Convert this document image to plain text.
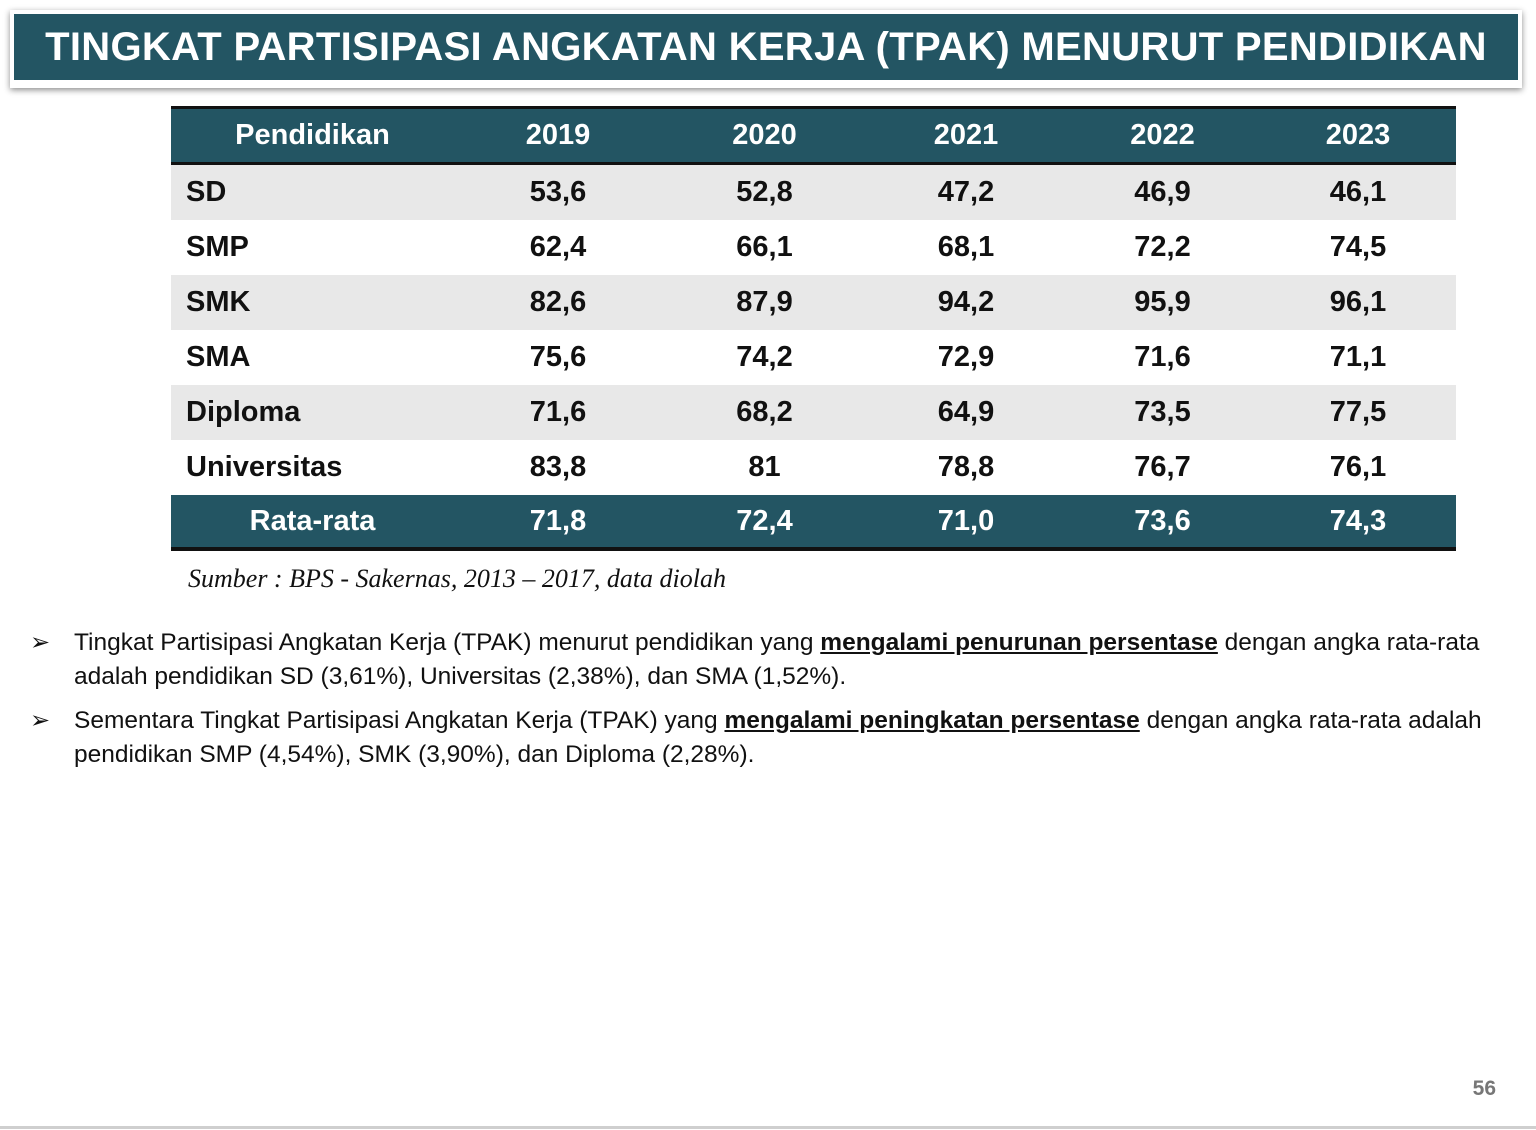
TINGKAT PARTISIPASI ANGKATAN KERJA (TPAK) MENURUT PENDIDIKAN
Pendidikan	2019	2020	2021	2022	2023
SD	53,6	52,8	47,2	46,9	46,1
SMP	62,4	66,1	68,1	72,2	74,5
SMK	82,6	87,9	94,2	95,9	96,1
SMA	75,6	74,2	72,9	71,6	71,1
Diploma	71,6	68,2	64,9	73,5	77,5
Universitas	83,8	81	78,8	76,7	76,1
Rata-rata	71,8	72,4	71,0	73,6	74,3
Sumber : BPS - Sakernas, 2013 – 2017, data diolah
➢ Tingkat Partisipasi Angkatan Kerja (TPAK) menurut pendidikan yang mengalami penurunan persentase dengan angka rata-rata adalah pendidikan SD (3,61%), Universitas (2,38%), dan SMA (1,52%).
➢ Sementara Tingkat Partisipasi Angkatan Kerja (TPAK) yang mengalami peningkatan persentase dengan angka rata-rata adalah pendidikan SMP (4,54%), SMK (3,90%), dan Diploma (2,28%).
56
